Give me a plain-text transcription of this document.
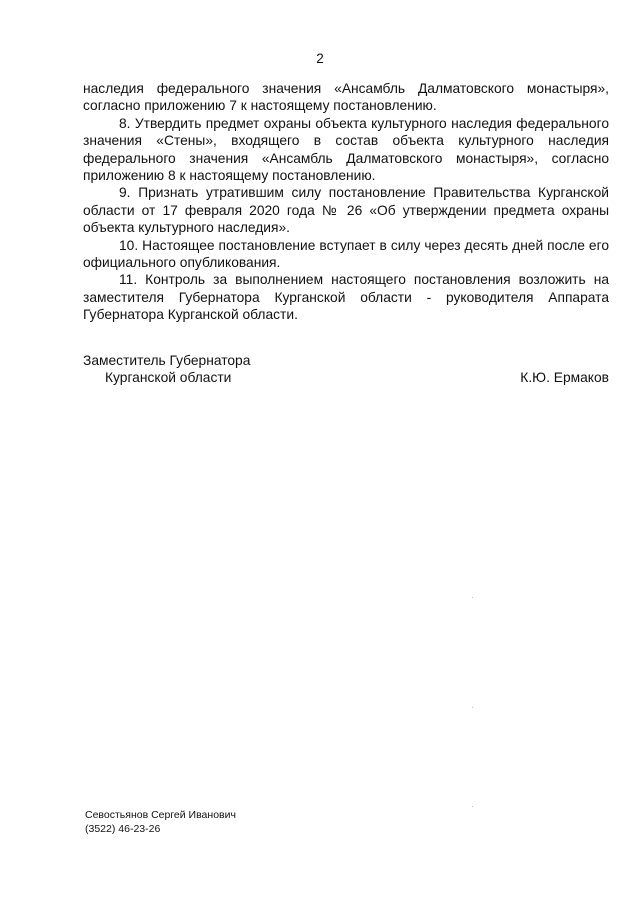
2

наследия федерального значения «Ансамбль Далматовского монастыря», согласно приложению 7 к настоящему постановлению.

8. Утвердить предмет охраны объекта культурного наследия федерального значения «Стены», входящего в состав объекта культурного наследия федерального значения «Ансамбль Далматовского монастыря», согласно приложению 8 к настоящему постановлению.

9. Признать утратившим силу постановление Правительства Курганской области от 17 февраля 2020 года № 26 «Об утверждении предмета охраны объекта культурного наследия».

10. Настоящее постановление вступает в силу через десять дней после его официального опубликования.

11. Контроль за выполнением настоящего постановления возложить на заместителя Губернатора Курганской области - руководителя Аппарата Губернатора Курганской области.

Заместитель Губернатора
Курганской области	К.Ю. Ермаков
Севостьянов Сергей Иванович
(3522) 46-23-26
